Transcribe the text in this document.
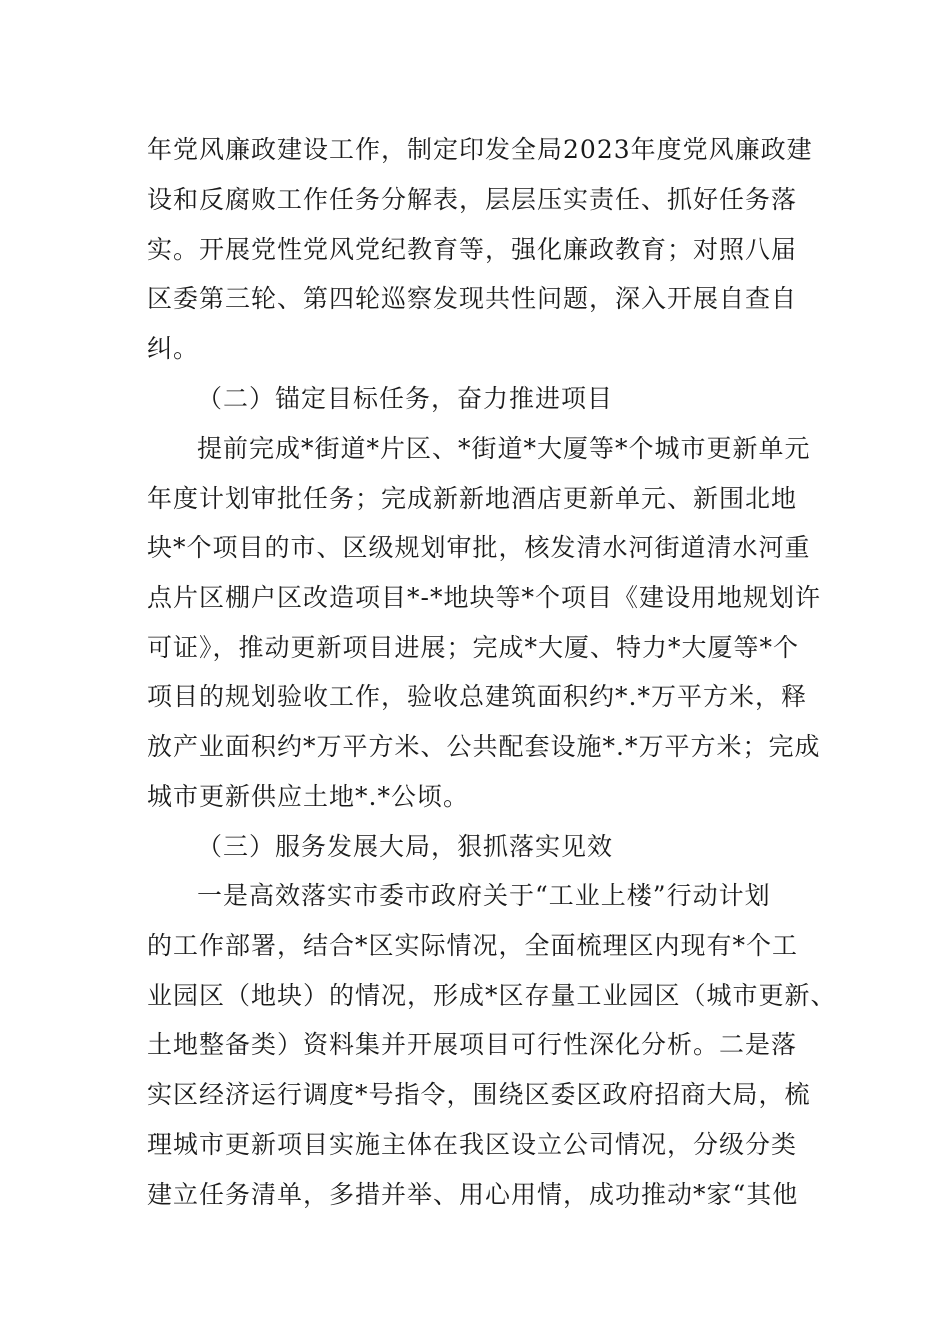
年党风廉政建设工作，制定印发全局2023年度党风廉政建
设和反腐败工作任务分解表，层层压实责任、抓好任务落
实。开展党性党风党纪教育等，强化廉政教育；对照八届
区委第三轮、第四轮巡察发现共性问题，深入开展自查自
纠。
（二）锚定目标任务，奋力推进项目
提前完成*街道*片区、*街道*大厦等*个城市更新单元
年度计划审批任务；完成新新地酒店更新单元、新围北地
块*个项目的市、区级规划审批，核发清水河街道清水河重
点片区棚户区改造项目*-*地块等*个项目《建设用地规划许
可证》，推动更新项目进展；完成*大厦、特力*大厦等*个
项目的规划验收工作，验收总建筑面积约*.*万平方米，释
放产业面积约*万平方米、公共配套设施*.*万平方米；完成
城市更新供应土地*.*公顷。
（三）服务发展大局，狠抓落实见效
一是高效落实市委市政府关于“工业上楼”行动计划
的工作部署，结合*区实际情况，全面梳理区内现有*个工
业园区（地块）的情况，形成*区存量工业园区（城市更新、
土地整备类）资料集并开展项目可行性深化分析。二是落
实区经济运行调度*号指令，围绕区委区政府招商大局，梳
理城市更新项目实施主体在我区设立公司情况，分级分类
建立任务清单，多措并举、用心用情，成功推动*家“其他
